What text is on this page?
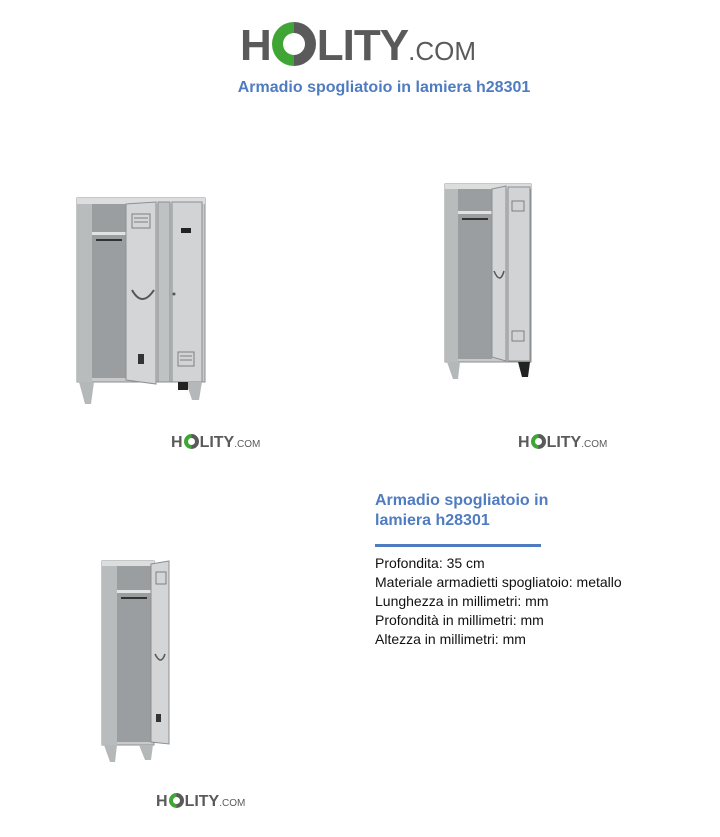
H LITY .COM
Armadio spogliatoio in lamiera h28301
H LITY .COM	H LITY .COM
H LITY .COM
Armadio spogliatoio in lamiera h28301
Profondita: 35 cm
Materiale armadietti spogliatoio: metallo
Lunghezza in millimetri: mm
Profondità in millimetri: mm
Altezza in millimetri: mm
